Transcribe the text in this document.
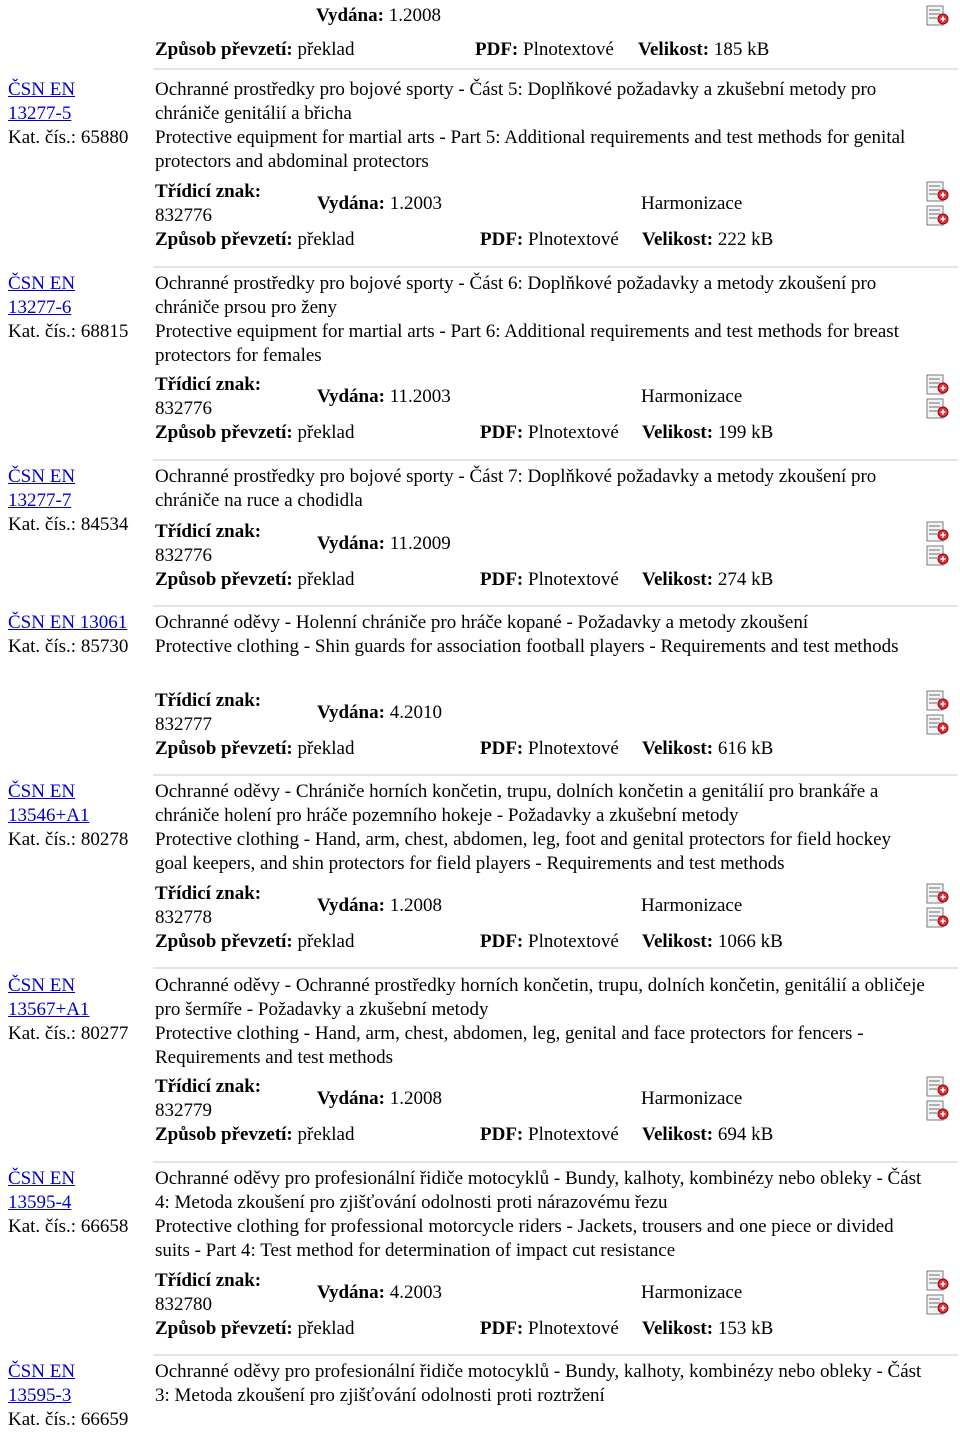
Vydána: 1.2008
Způsob převzetí: překlad	PDF: Plnotextové Velikost: 185 kB
ČSN EN
13277-5
Kat. čís.: 65880
Ochranné prostředky pro bojové sporty - Část 5: Doplňkové požadavky a zkušební metody pro chrániče genitálií a břicha
Protective equipment for martial arts - Part 5: Additional requirements and test methods for genital protectors and abdominal protectors
Třídicí znak:
832776
Vydána: 1.2003	Harmonizace
Způsob převzetí: překlad	PDF: Plnotextové Velikost: 222 kB
ČSN EN
13277-6
Kat. čís.: 68815
Ochranné prostředky pro bojové sporty - Část 6: Doplňkové požadavky a metody zkoušení pro chrániče prsou pro ženy
Protective equipment for martial arts - Part 6: Additional requirements and test methods for breast protectors for females
Třídicí znak:
832776
Vydána: 11.2003	Harmonizace
Způsob převzetí: překlad	PDF: Plnotextové Velikost: 199 kB
ČSN EN
13277-7
Kat. čís.: 84534
Ochranné prostředky pro bojové sporty - Část 7: Doplňkové požadavky a metody zkoušení pro chrániče na ruce a chodidla
Třídicí znak:
832776
Vydána: 11.2009
Způsob převzetí: překlad	PDF: Plnotextové Velikost: 274 kB
ČSN EN 13061
Kat. čís.: 85730
Ochranné oděvy - Holenní chrániče pro hráče kopané - Požadavky a metody zkoušení
Protective clothing - Shin guards for association football players - Requirements and test methods
Třídicí znak:
832777
Vydána: 4.2010
Způsob převzetí: překlad	PDF: Plnotextové Velikost: 616 kB
ČSN EN
13546+A1
Kat. čís.: 80278
Ochranné oděvy - Chrániče horních končetin, trupu, dolních končetin a genitálií pro brankáře a chrániče holení pro hráče pozemního hokeje - Požadavky a zkušební metody
Protective clothing - Hand, arm, chest, abdomen, leg, foot and genital protectors for field hockey goal keepers, and shin protectors for field players - Requirements and test methods
Třídicí znak:
832778
Vydána: 1.2008	Harmonizace
Způsob převzetí: překlad	PDF: Plnotextové Velikost: 1066 kB
ČSN EN
13567+A1
Kat. čís.: 80277
Ochranné oděvy - Ochranné prostředky horních končetin, trupu, dolních končetin, genitálií a obličeje pro šermíře - Požadavky a zkušební metody
Protective clothing - Hand, arm, chest, abdomen, leg, genital and face protectors for fencers - Requirements and test methods
Třídicí znak:
832779
Vydána: 1.2008	Harmonizace
Způsob převzetí: překlad	PDF: Plnotextové Velikost: 694 kB
ČSN EN
13595-4
Kat. čís.: 66658
Ochranné oděvy pro profesionální řidiče motocyklů - Bundy, kalhoty, kombinézy nebo obleky - Část 4: Metoda zkoušení pro zjišťování odolnosti proti nárazovému řezu
Protective clothing for professional motorcycle riders - Jackets, trousers and one piece or divided suits - Part 4: Test method for determination of impact cut resistance
Třídicí znak:
832780
Vydána: 4.2003	Harmonizace
Způsob převzetí: překlad	PDF: Plnotextové Velikost: 153 kB
ČSN EN
13595-3
Kat. čís.: 66659
Ochranné oděvy pro profesionální řidiče motocyklů - Bundy, kalhoty, kombinézy nebo obleky - Část 3: Metoda zkoušení pro zjišťování odolnosti proti roztržení
